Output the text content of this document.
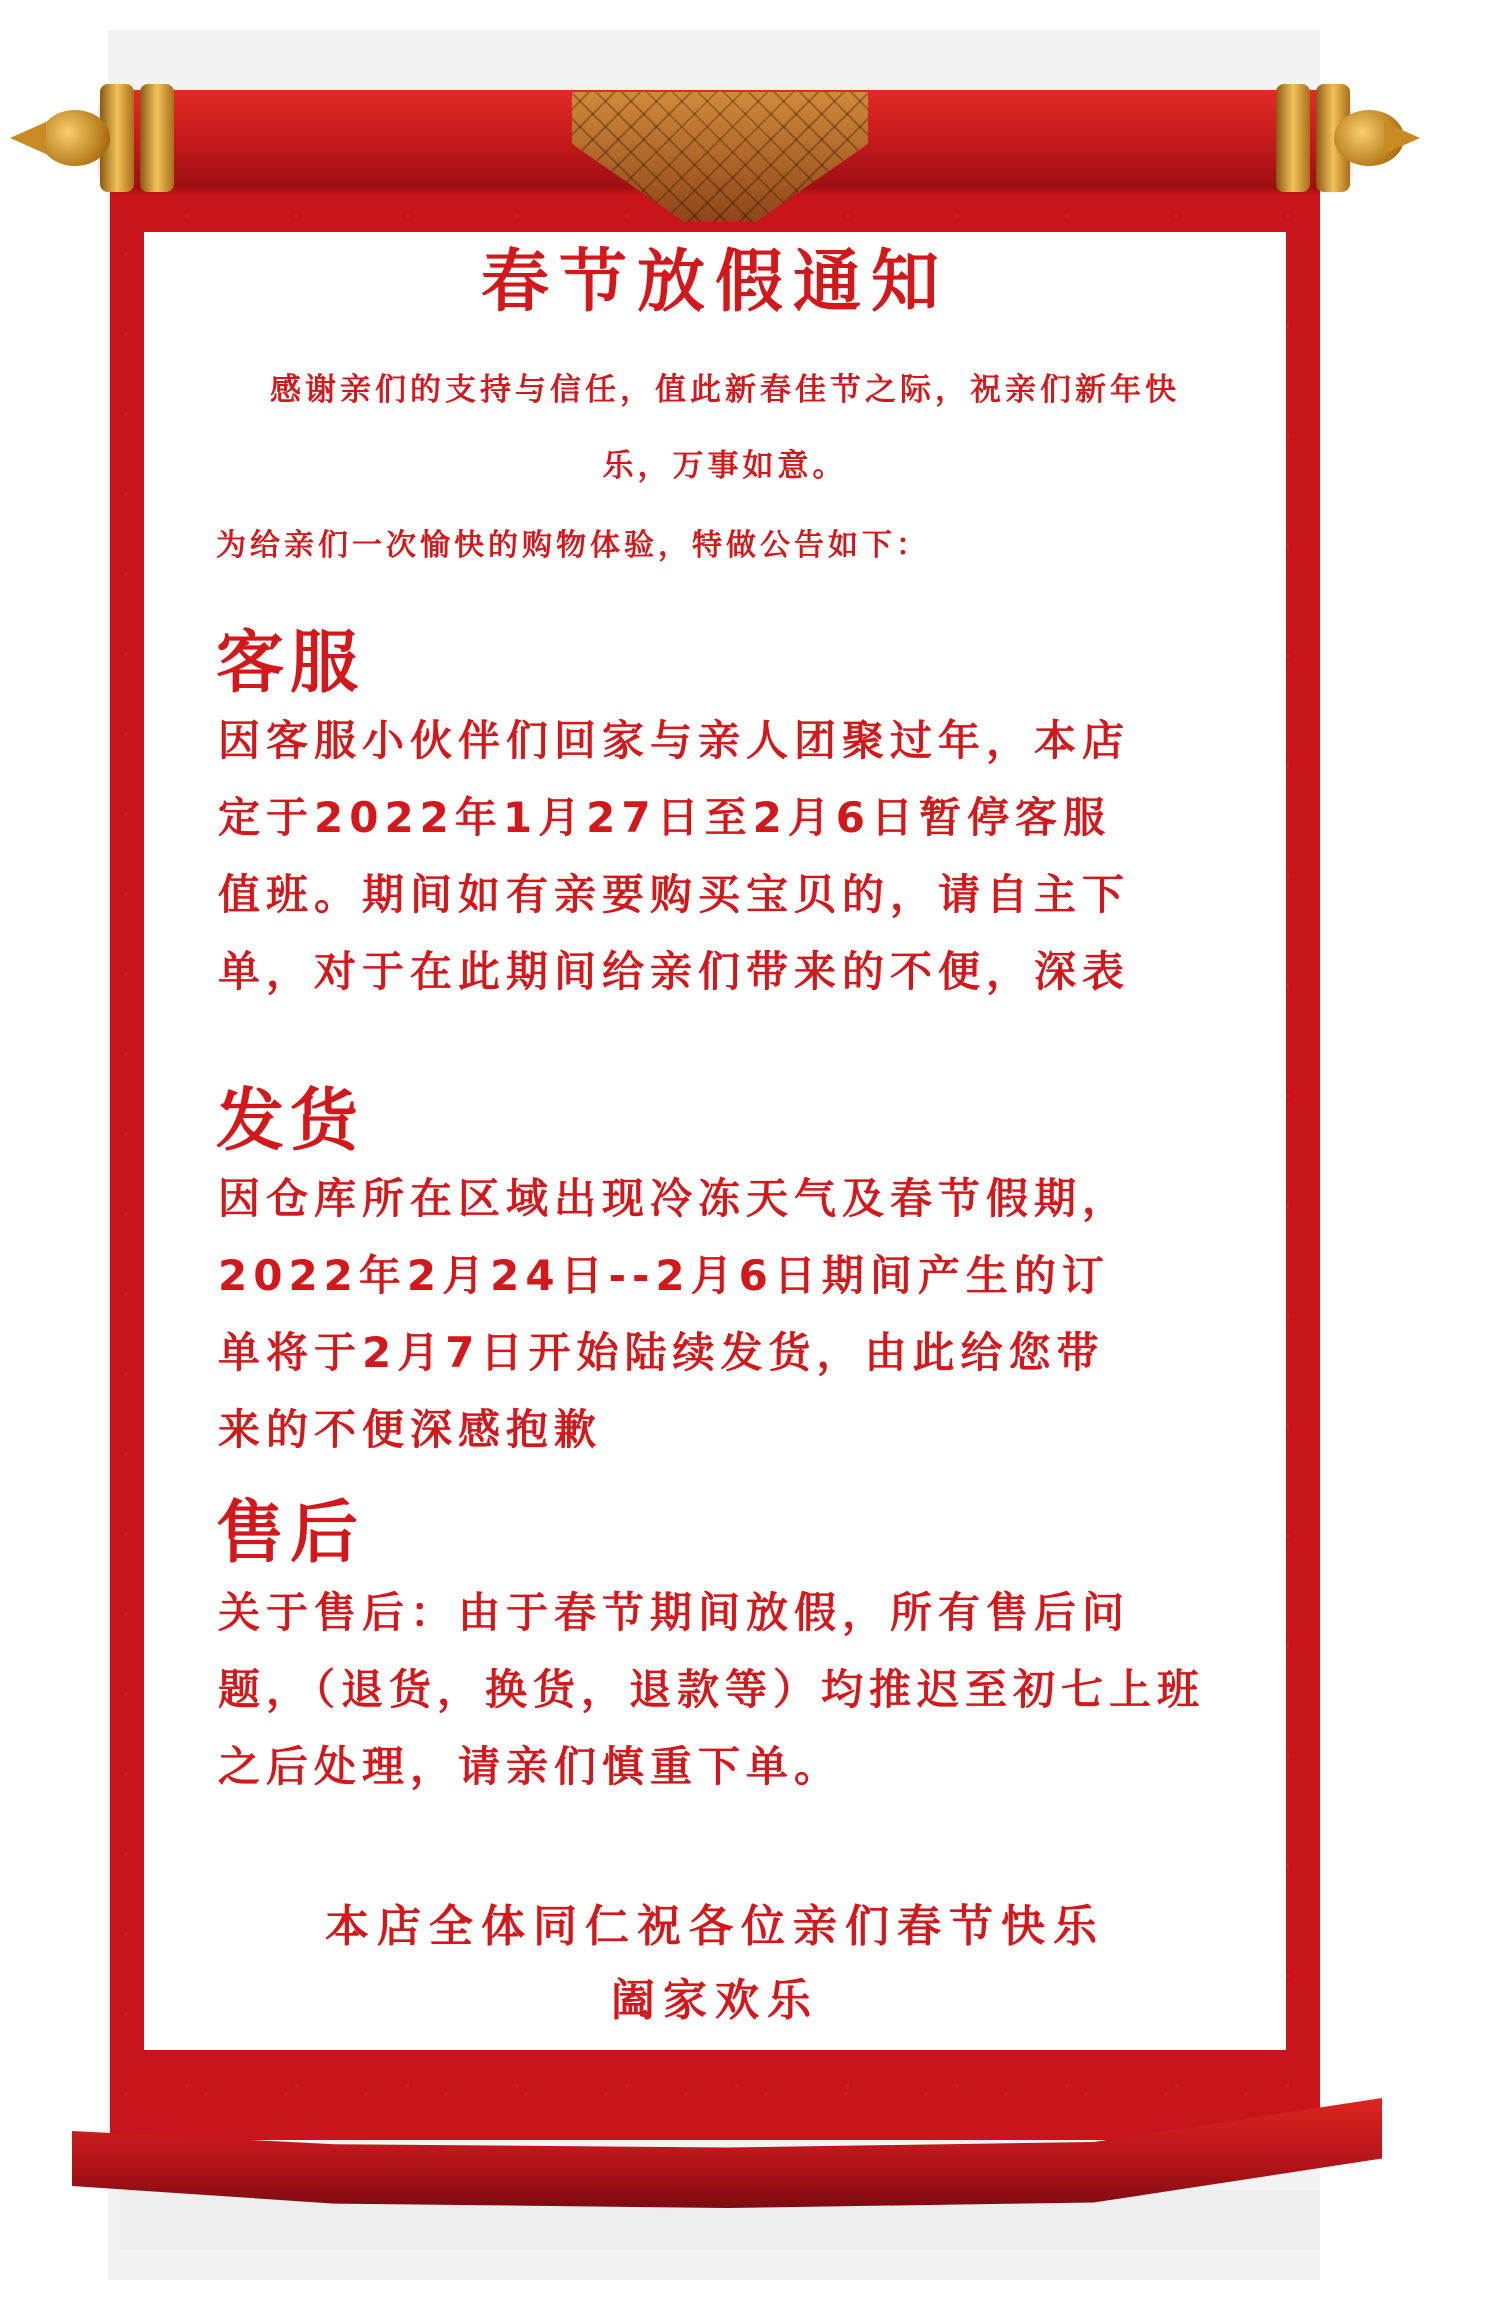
春节放假通知
感谢亲们的支持与信任，值此新春佳节之际，祝亲们新年快
乐，万事如意。
为给亲们一次愉快的购物体验，特做公告如下：
客服
因客服小伙伴们回家与亲人团聚过年，本店
定于2022年1月27日至2月6日暂停客服
值班。期间如有亲要购买宝贝的，请自主下
单，对于在此期间给亲们带来的不便，深表
发货
因仓库所在区域出现冷冻天气及春节假期，
2022年2月24日--2月6日期间产生的订
单将于2月7日开始陆续发货，由此给您带
来的不便深感抱歉
售后
关于售后：由于春节期间放假，所有售后问
题，（退货，换货，退款等）均推迟至初七上班
之后处理，请亲们慎重下单。
本店全体同仁祝各位亲们春节快乐
阖家欢乐
